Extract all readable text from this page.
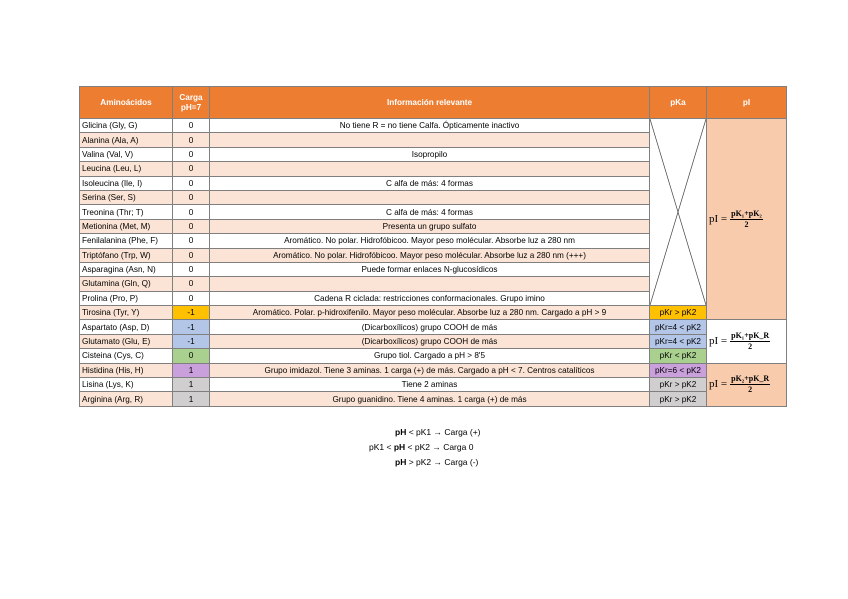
Aminoácidos	Carga pH=7	Información relevante	pKa	pI
Glicina (Gly, G)	0	No tiene R = no tiene Calfa. Ópticamente inactivo		pI = $\frac{\text{pK₁+pK₂}}{2}$

Alanina (Ala, A)	0			
Valina (Val, V)	0	Isopropilo		
Leucina (Leu, L)	0			
Isoleucina (Ile, I)	0	C alfa de más: 4 formas		
Serina (Ser, S)	0			
Treonina (Thr; T)	0	C alfa de más: 4 formas		
Metionina (Met, M)	0	Presenta un grupo sulfato		
Fenilalanina (Phe, F)	0	Aromático. No polar. Hidrofóbicoo. Mayor peso molécular. Absorbe luz a 280 nm		
Triptófano (Trp, W)	0	Aromático. No polar. Hidrofóbicoo. Mayor peso molécular. Absorbe luz a 280 nm (+++)		
Asparagina (Asn, N)	0	Puede formar enlaces N-glucosídicos		
Glutamina (Gln, Q)	0			
Prolina (Pro, P)	0	Cadena R ciclada: restricciones conformacionales. Grupo imino		
Tirosina (Tyr, Y)	-1	Aromático. Polar. p-hidroxifenilo. Mayor peso molécular. Absorbe luz a 280 nm. Cargado a pH > 9	pKr > pK2	
Aspartato (Asp, D)	-1	(Dicarboxílicos) grupo COOH de más	pKr=4 < pK2	pI = $\frac{\text{pK₁+pK\_R}}{2}$

Glutamato (Glu, E)	-1	(Dicarboxílicos) grupo COOH de más	pKr=4 < pK2	
Cisteina (Cys, C)	0	Grupo tiol. Cargado a pH > 8'5	pKr < pK2	
Histidina (His, H)	1	Grupo imidazol. Tiene 3 aminas. 1 carga (+) de más. Cargado a pH < 7. Centros catalíticos	pKr=6 < pK2	pI = $\frac{\text{pK₂+pK\_R}}{2}$

Lisina (Lys, K)	1	Tiene 2 aminas	pKr > pK2	
Arginina (Arg, R)	1	Grupo guanidino. Tiene 4 aminas. 1 carga (+) de más	pKr > pK2	
pH < pK1 → Carga (+)
pK1 < pH < pK2 → Carga 0
pH > pK2 → Carga (-)
